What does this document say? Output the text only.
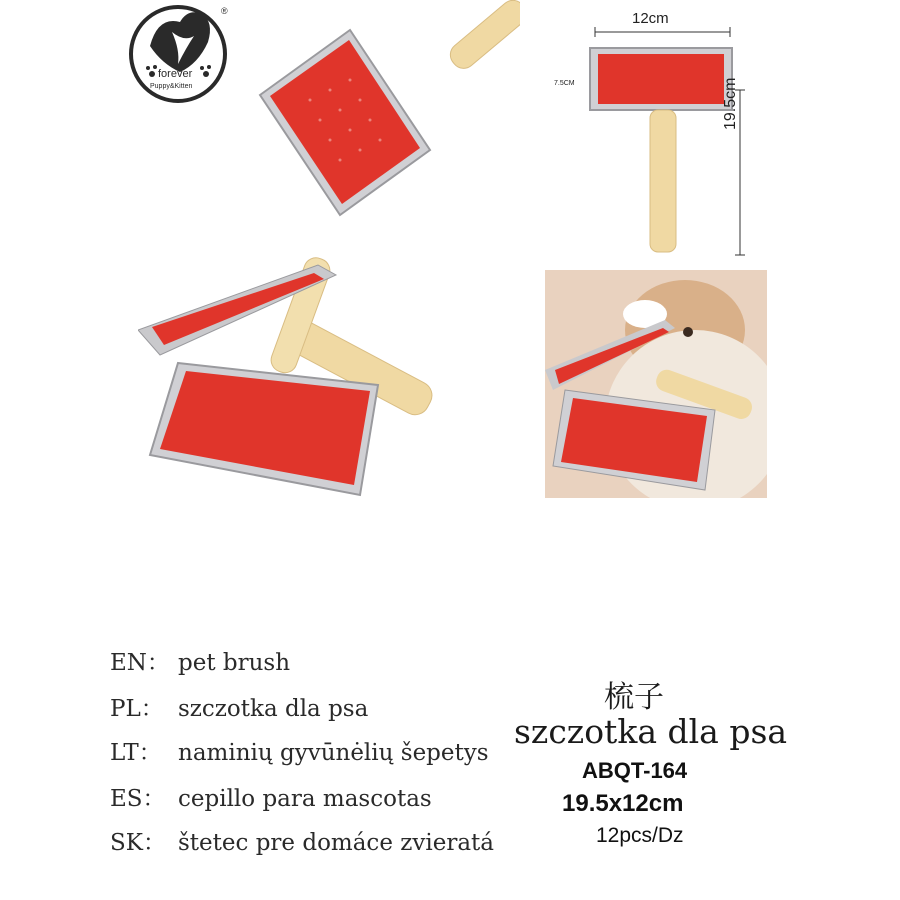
forever
Puppy&Kitten
®	12cm
7.5CM	19.5cm
EN： pet brush
PL： szczotka dla psa
LT： naminių gyvūnėlių šepetys
ES： cepillo para mascotas
SK： štetec pre domáce zvieratá
梳子
szczotka dla psa
ABQT-164
19.5x12cm
12pcs/Dz
